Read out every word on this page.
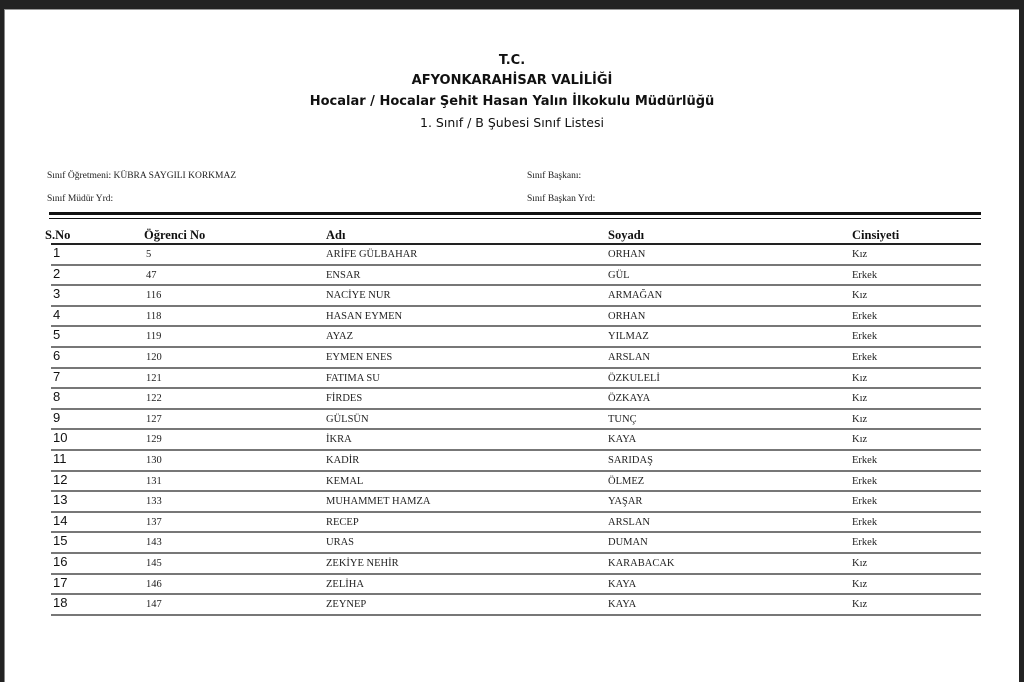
T.C.
AFYONKARAHİSAR VALİLİĞİ
Hocalar / Hocalar Şehit Hasan Yalın İlkokulu Müdürlüğü
1. Sınıf / B Şubesi Sınıf Listesi
Sınıf Öğretmeni: KÜBRA SAYGILI KORKMAZ
Sınıf Müdür Yrd:
Sınıf Başkanı:
Sınıf Başkan Yrd:
S.No	Öğrenci No	Adı	Soyadı	Cinsiyeti
1	5	ARİFE GÜLBAHAR	ORHAN	Kız
2	47	ENSAR	GÜL	Erkek
3	116	NACİYE NUR	ARMAĞAN	Kız
4	118	HASAN EYMEN	ORHAN	Erkek
5	119	AYAZ	YILMAZ	Erkek
6	120	EYMEN ENES	ARSLAN	Erkek
7	121	FATIMA SU	ÖZKULELİ	Kız
8	122	FİRDES	ÖZKAYA	Kız
9	127	GÜLSÜN	TUNÇ	Kız
10	129	İKRA	KAYA	Kız
11	130	KADİR	SARIDAŞ	Erkek
12	131	KEMAL	ÖLMEZ	Erkek
13	133	MUHAMMET HAMZA	YAŞAR	Erkek
14	137	RECEP	ARSLAN	Erkek
15	143	URAS	DUMAN	Erkek
16	145	ZEKİYE NEHİR	KARABACAK	Kız
17	146	ZELİHA	KAYA	Kız
18	147	ZEYNEP	KAYA	Kız
